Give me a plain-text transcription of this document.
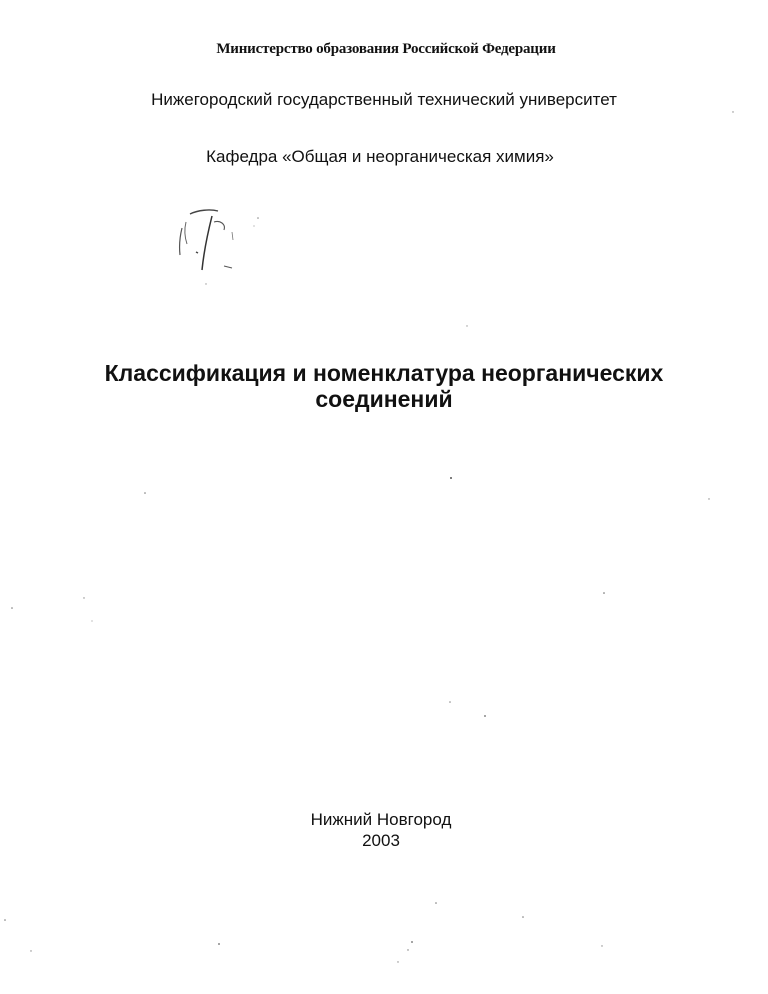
Министерство образования Российской Федерации
Нижегородский государственный технический университет
Кафедра «Общая и неорганическая химия»
Классификация и номенклатура неорганических
соединений
Нижний Новгород
2003
